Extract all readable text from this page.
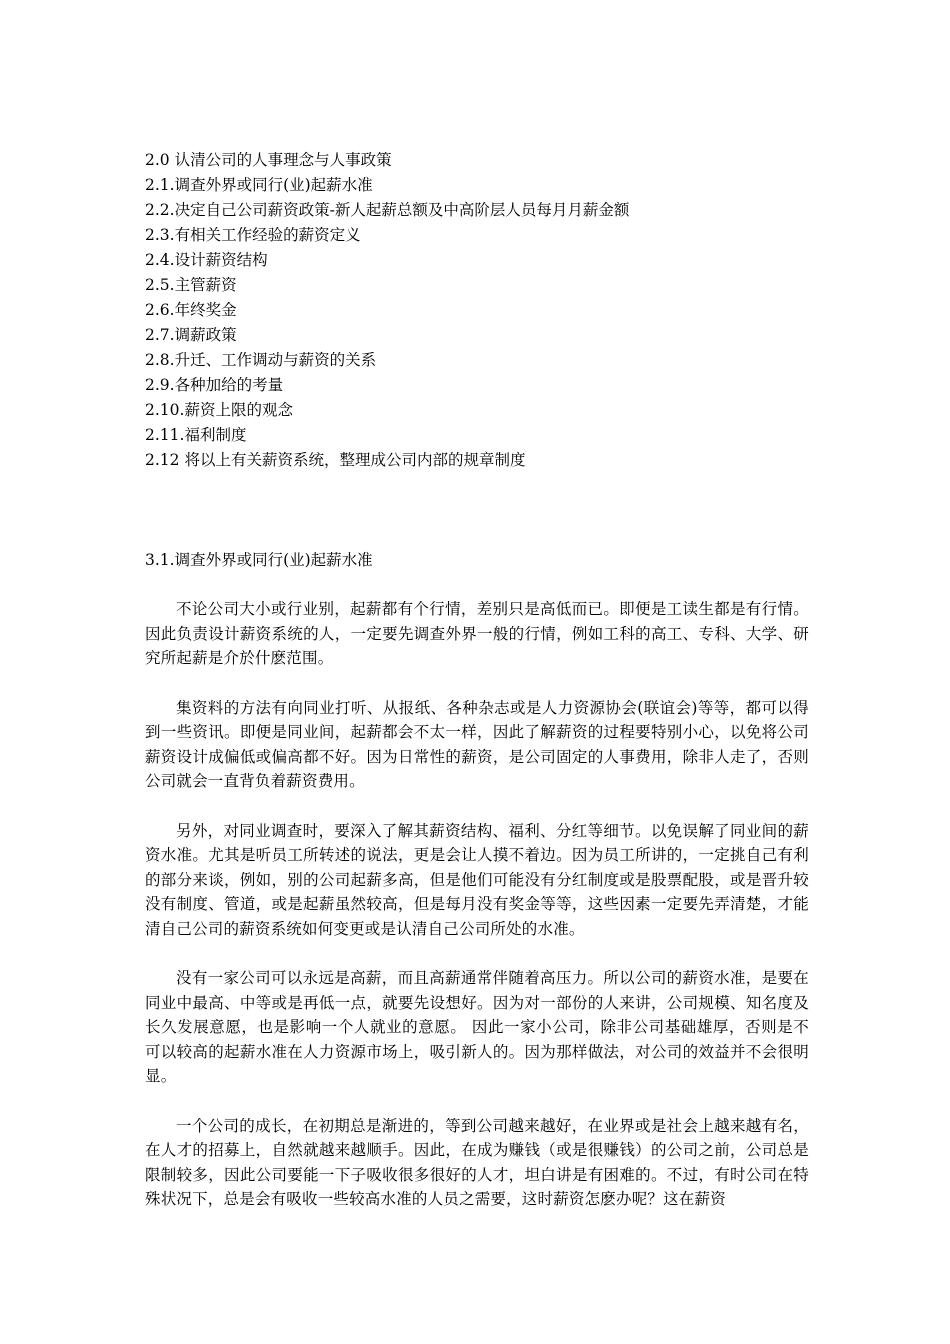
2.0 认清公司的人事理念与人事政策
2.1.调查外界或同行(业)起薪水准
2.2.决定自己公司薪资政策-新人起薪总额及中高阶层人员每月月薪金额
2.3.有相关工作经验的薪资定义
2.4.设计薪资结构
2.5.主管薪资
2.6.年终奖金
2.7.调薪政策
2.8.升迁、工作调动与薪资的关系
2.9.各种加给的考量
2.10.薪资上限的观念
2.11.福利制度
2.12 将以上有关薪资系统，整理成公司内部的规章制度
3.1.调查外界或同行(业)起薪水准

不论公司大小或行业别，起薪都有个行情，差别只是高低而已。即便是工读生都是有行情。因此负责设计薪资系统的人，一定要先调查外界一般的行情，例如工科的高工、专科、大学、研究所起薪是介於什麽范围。

集资料的方法有向同业打听、从报纸、各种杂志或是人力资源协会(联谊会)等等，都可以得到一些资讯。即便是同业间，起薪都会不太一样，因此了解薪资的过程要特别小心，以免将公司薪资设计成偏低或偏高都不好。因为日常性的薪资，是公司固定的人事费用，除非人走了，否则公司就会一直背负着薪资费用。

另外，对同业调查时，要深入了解其薪资结构、福利、分红等细节。以免误解了同业间的薪资水准。尤其是听员工所转述的说法，更是会让人摸不着边。因为员工所讲的，一定挑自己有利的部分来谈，例如，别的公司起薪多高，但是他们可能没有分红制度或是股票配股，或是晋升较没有制度、管道，或是起薪虽然较高，但是每月没有奖金等等，这些因素一定要先弄清楚，才能 清自己公司的薪资系统如何变更或是认清自己公司所处的水准。

没有一家公司可以永远是高薪，而且高薪通常伴随着高压力。所以公司的薪资水准，是要在同业中最高、中等或是再低一点，就要先设想好。因为对一部份的人来讲，公司规模、知名度及长久发展意愿，也是影响一个人就业的意愿。 因此一家小公司，除非公司基础雄厚，否则是不可以较高的起薪水准在人力资源市场上，吸引新人的。因为那样做法，对公司的效益并不会很明显。

一个公司的成长，在初期总是渐进的，等到公司越来越好，在业界或是社会上越来越有名，在人才的招募上，自然就越来越顺手。因此，在成为赚钱（或是很赚钱）的公司之前，公司总是限制较多，因此公司要能一下子吸收很多很好的人才，坦白讲是有困难的。不过，有时公司在特殊状况下，总是会有吸收一些较高水准的人员之需要，这时薪资怎麽办呢？这在薪资
